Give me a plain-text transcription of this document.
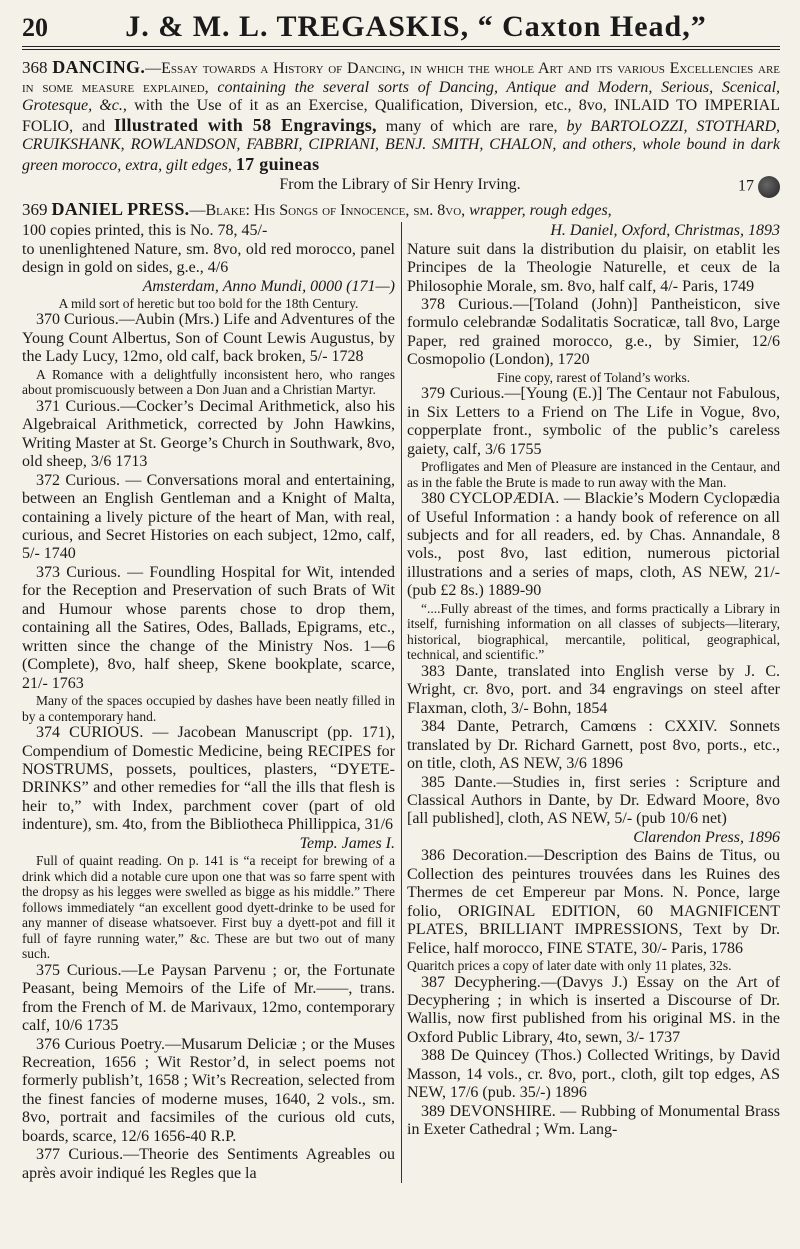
20	J. & M. L. TREGASKIS, “ Caxton Head,”
368 DANCING.—Essay towards a History of Dancing, in which the whole Art and its various Excellencies are in some measure explained, containing the several sorts of Dancing, Antique and Modern, Serious, Scenical, Grotesque, &c., with the Use of it as an Exercise, Qualification, Diversion, etc., 8vo, INLAID TO IMPERIAL FOLIO, and Illustrated with 58 Engravings, many of which are rare, by BARTOLOZZI, STOTHARD, CRUIKSHANK, ROWLANDSON, FABBRI, CIPRIANI, BENJ. SMITH, CHALON, and others, whole bound in dark green morocco, extra, gilt edges, 17 guineas
From the Library of Sir Henry Irving.	17
369 DANIEL PRESS.—Blake: His Songs of Innocence, sm. 8vo, wrapper, rough edges,

100 copies printed, this is No. 78, 45/-

to unenlightened Nature, sm. 8vo, old red morocco, panel design in gold on sides, g.e., 4/6

Amsterdam, Anno Mundi, 0000 (171—)

A mild sort of heretic but too bold for the 18th Century.

370 Curious.—Aubin (Mrs.) Life and Adventures of the Young Count Albertus, Son of Count Lewis Augustus, by the Lady Lucy, 12mo, old calf, back broken, 5/- 1728

A Romance with a delightfully inconsistent hero, who ranges about promiscuously between a Don Juan and a Christian Martyr.

371 Curious.—Cocker’s Decimal Arithmetick, also his Algebraical Arithmetick, corrected by John Hawkins, Writing Master at St. George’s Church in Southwark, 8vo, old sheep, 3/6 1713

372 Curious. — Conversations moral and entertaining, between an English Gentleman and a Knight of Malta, containing a lively picture of the heart of Man, with real, curious, and Secret Histories on each subject, 12mo, calf, 5/- 1740

373 Curious. — Foundling Hospital for Wit, intended for the Reception and Preservation of such Brats of Wit and Humour whose parents chose to drop them, containing all the Satires, Odes, Ballads, Epigrams, etc., written since the change of the Ministry Nos. 1—6 (Complete), 8vo, half sheep, Skene bookplate, scarce, 21/- 1763

Many of the spaces occupied by dashes have been neatly filled in by a contemporary hand.

374 CURIOUS. — Jacobean Manuscript (pp. 171), Compendium of Domestic Medicine, being RECIPES for NOSTRUMS, possets, poultices, plasters, “DYETE-DRINKS” and other remedies for “all the ills that flesh is heir to,” with Index, parchment cover (part of old indenture), sm. 4to, from the Bibliotheca Phillippica, 31/6

Temp. James I.

Full of quaint reading. On p. 141 is “a receipt for brewing of a drink which did a notable cure upon one that was so farre spent with the dropsy as his legges were swelled as bigge as his middle.” There follows immediately “an excellent good dyett-drinke to be used for any manner of disease whatsoever. First buy a dyett-pot and fill it full of fayre running water,” &c. These are but two out of many such.

375 Curious.—Le Paysan Parvenu ; or, the Fortunate Peasant, being Memoirs of the Life of Mr.——, trans. from the French of M. de Marivaux, 12mo, contemporary calf, 10/6 1735

376 Curious Poetry.—Musarum Deliciæ ; or the Muses Recreation, 1656 ; Wit Restor’d, in select poems not formerly publish’t, 1658 ; Wit’s Recreation, selected from the finest fancies of moderne muses, 1640, 2 vols., sm. 8vo, portrait and facsimiles of the curious old cuts, boards, scarce, 12/6 1656-40 R.P.

377 Curious.—Theorie des Sentiments Agreables ou après avoir indiqué les Regles que la

H. Daniel, Oxford, Christmas, 1893

Nature suit dans la distribution du plaisir, on etablit les Principes de la Theologie Naturelle, et ceux de la Philosophie Morale, sm. 8vo, half calf, 4/- Paris, 1749

378 Curious.—[Toland (John)] Pantheisticon, sive formulo celebrandæ Sodalitatis Socraticæ, tall 8vo, Large Paper, red grained morocco, g.e., by Simier, 12/6 Cosmopolio (London), 1720

Fine copy, rarest of Toland’s works.

379 Curious.—[Young (E.)] The Centaur not Fabulous, in Six Letters to a Friend on The Life in Vogue, 8vo, copperplate front., symbolic of the public’s careless gaiety, calf, 3/6 1755

Profligates and Men of Pleasure are instanced in the Centaur, and as in the fable the Brute is made to run away with the Man.

380 CYCLOPÆDIA. — Blackie’s Modern Cyclopædia of Useful Information : a handy book of reference on all subjects and for all readers, ed. by Chas. Annandale, 8 vols., post 8vo, last edition, numerous pictorial illustrations and a series of maps, cloth, AS NEW, 21/- (pub £2 8s.) 1889-90

“....Fully abreast of the times, and forms practically a Library in itself, furnishing information on all classes of subjects—literary, historical, biographical, mercantile, political, geographical, technical, and scientific.”

383 Dante, translated into English verse by J. C. Wright, cr. 8vo, port. and 34 engravings on steel after Flaxman, cloth, 3/- Bohn, 1854

384 Dante, Petrarch, Camœns : CXXIV. Sonnets translated by Dr. Richard Garnett, post 8vo, ports., etc., on title, cloth, AS NEW, 3/6 1896

385 Dante.—Studies in, first series : Scripture and Classical Authors in Dante, by Dr. Edward Moore, 8vo [all published], cloth, AS NEW, 5/- (pub 10/6 net)

Clarendon Press, 1896

386 Decoration.—Description des Bains de Titus, ou Collection des peintures trouvées dans les Ruines des Thermes de cet Empereur par Mons. N. Ponce, large folio, ORIGINAL EDITION, 60 MAGNIFICENT PLATES, BRILLIANT IMPRESSIONS, Text by Dr. Felice, half morocco, FINE STATE, 30/- Paris, 1786

Quaritch prices a copy of later date with only 11 plates, 32s.

387 Decyphering.—(Davys J.) Essay on the Art of Decyphering ; in which is inserted a Discourse of Dr. Wallis, now first published from his original MS. in the Oxford Public Library, 4to, sewn, 3/- 1737

388 De Quincey (Thos.) Collected Writings, by David Masson, 14 vols., cr. 8vo, port., cloth, gilt top edges, AS NEW, 17/6 (pub. 35/-) 1896

389 DEVONSHIRE. — Rubbing of Monumental Brass in Exeter Cathedral ; Wm. Lang-
